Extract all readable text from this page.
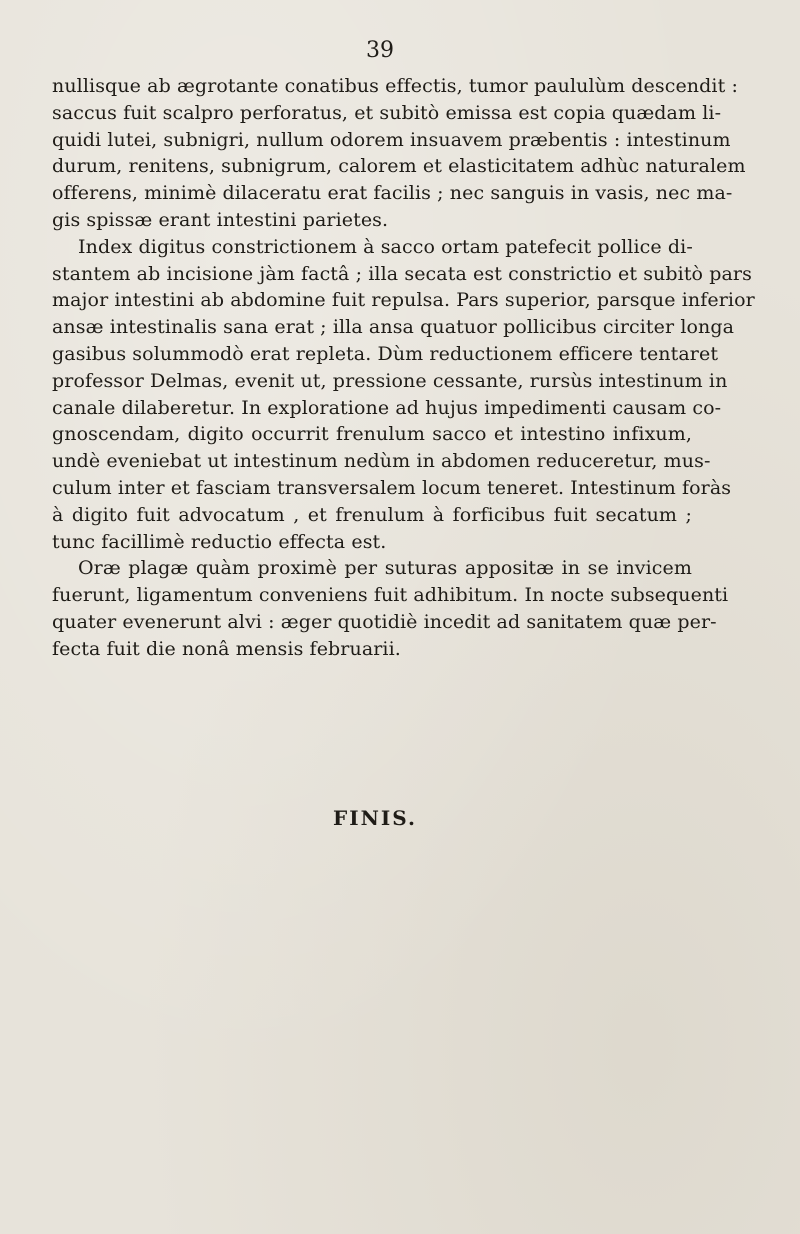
39
nullisque ab ægrotante conatibus effectis, tumor paululùm descendit :
saccus fuit scalpro perforatus, et subitò emissa est copia quædam li-
quidi lutei, subnigri, nullum odorem insuavem præbentis : intestinum
durum, renitens, subnigrum, calorem et elasticitatem adhùc naturalem
offerens, minimè dilaceratu erat facilis ; nec sanguis in vasis, nec ma-
gis spissæ erant intestini parietes.
Index digitus constrictionem à sacco ortam patefecit pollice di-
stantem ab incisione jàm factâ ; illa secata est constrictio et subitò pars
major intestini ab abdomine fuit repulsa. Pars superior, parsque inferior
ansæ intestinalis sana erat ; illa ansa quatuor pollicibus circiter longa
gasibus solummodò erat repleta. Dùm reductionem efficere tentaret
professor Delmas, evenit ut, pressione cessante, rursùs intestinum in
canale dilaberetur. In exploratione ad hujus impedimenti causam co-
gnoscendam, digito occurrit frenulum sacco et intestino infixum,
undè eveniebat ut intestinum nedùm in abdomen reduceretur, mus-
culum inter et fasciam transversalem locum teneret. Intestinum foràs
à digito fuit advocatum , et frenulum à forficibus fuit secatum ;
tunc facillimè reductio effecta est.
Oræ plagæ quàm proximè per suturas appositæ in se invicem
fuerunt, ligamentum conveniens fuit adhibitum. In nocte subsequenti
quater evenerunt alvi : æger quotidiè incedit ad sanitatem quæ per-
fecta fuit die nonâ mensis februarii.
FINIS.
